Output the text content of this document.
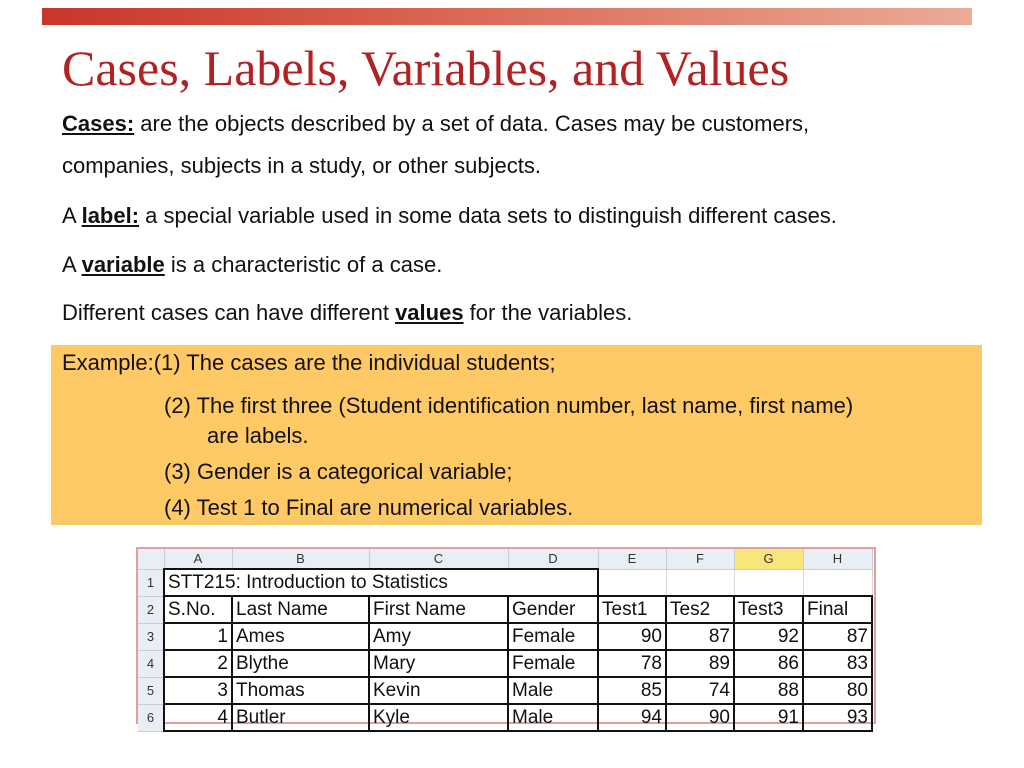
Cases, Labels, Variables, and Values
Cases: are the objects described by a set of data. Cases may be customers,
companies, subjects in a study, or other subjects.
A label: a special variable used in some data sets to distinguish different cases.
A variable is a characteristic of a case.
Different cases can have different values for the variables.
Example:(1) The cases are the individual students;
(2) The first three (Student identification number, last name, first name)
are labels.
(3) Gender is a categorical variable;
(4) Test 1 to Final are numerical variables.
	A	B	C	D	E	F	G	H
1	STT215: Introduction to Statistics							
2	S.No.	Last Name	First Name	Gender	Test1	Tes2	Test3	Final
3	1	Ames	Amy	Female	90	87	92	87
4	2	Blythe	Mary	Female	78	89	86	83
5	3	Thomas	Kevin	Male	85	74	88	80
6	4	Butler	Kyle	Male	94	90	91	93
